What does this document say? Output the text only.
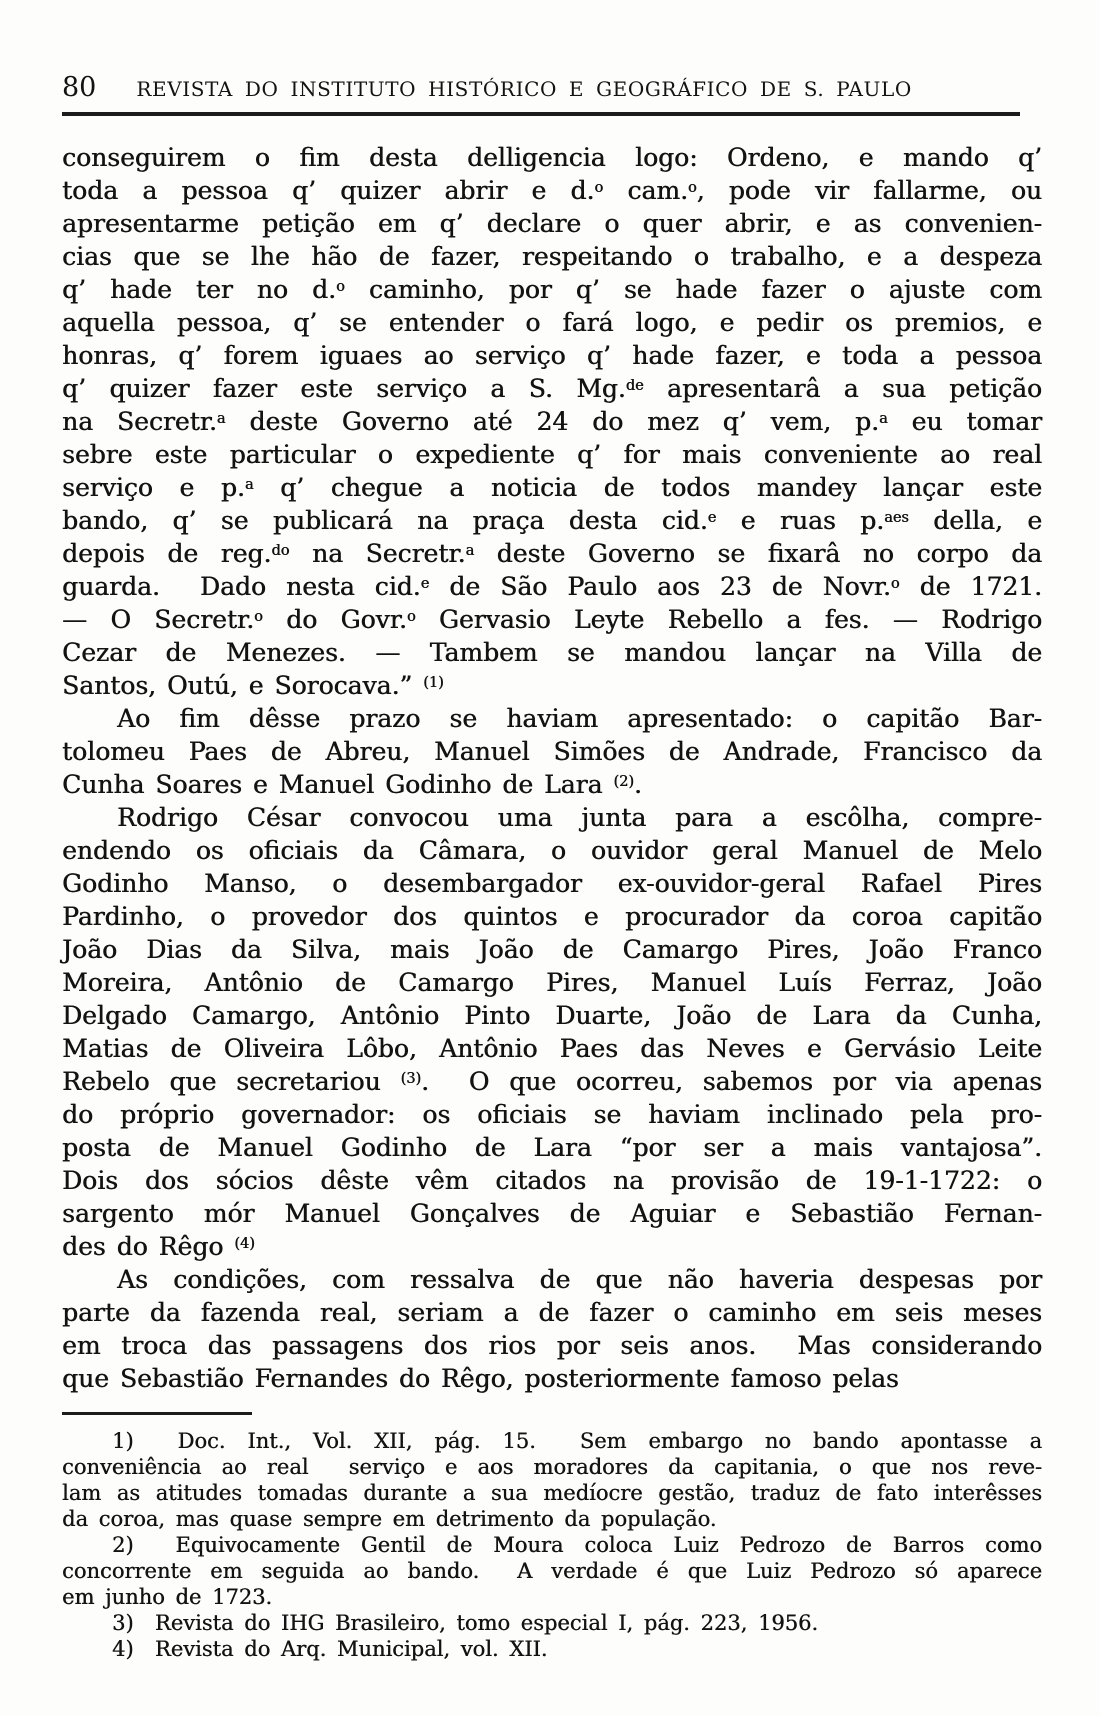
80 REVISTA DO INSTITUTO HISTÓRICO E GEOGRÁFICO DE S. PAULO
conseguirem o fim desta delligencia logo: Ordeno, e mando q’
toda a pessoa q’ quizer abrir e d.$^o$ cam.$^o$, pode vir fallarme, ou
apresentarme petição em q’ declare o quer abrir, e as convenien-
cias que se lhe hão de fazer, respeitando o trabalho, e a despeza
q’ hade ter no d.$^o$ caminho, por q’ se hade fazer o ajuste com
aquella pessoa, q’ se entender o fará logo, e pedir os premios, e
honras, q’ forem iguaes ao serviço q’ hade fazer, e toda a pessoa
q’ quizer fazer este serviço a S. Mg.$^{de}$ apresentarâ a sua petição
na Secretr.$^a$ deste Governo até 24 do mez q’ vem, p.$^a$ eu tomar
sebre este particular o expediente q’ for mais conveniente ao real
serviço e p.$^a$ q’ chegue a noticia de todos mandey lançar este
bando, q’ se publicará na praça desta cid.$^e$ e ruas p.$^{aes}$ della, e
depois de reg.$^{do}$ na Secretr.$^a$ deste Governo se fixarâ no corpo da
guarda.  Dado nesta cid.$^e$ de São Paulo aos 23 de Novr.$^o$ de 1721.
— O Secretr.$^o$ do Govr.$^o$ Gervasio Leyte Rebello a fes. — Rodrigo
Cezar de Menezes. — Tambem se mandou lançar na Villa de
Santos, Outú, e Sorocava.” $^{(1)}$
Ao fim dêsse prazo se haviam apresentado: o capitão Bar-
tolomeu Paes de Abreu, Manuel Simões de Andrade, Francisco da
Cunha Soares e Manuel Godinho de Lara $^{(2)}$.
Rodrigo César convocou uma junta para a escôlha, compre-
endendo os oficiais da Câmara, o ouvidor geral Manuel de Melo
Godinho Manso, o desembargador ex-ouvidor-geral Rafael Pires
Pardinho, o provedor dos quintos e procurador da coroa capitão
João Dias da Silva, mais João de Camargo Pires, João Franco
Moreira, Antônio de Camargo Pires, Manuel Luís Ferraz, João
Delgado Camargo, Antônio Pinto Duarte, João de Lara da Cunha,
Matias de Oliveira Lôbo, Antônio Paes das Neves e Gervásio Leite
Rebelo que secretariou $^{(3)}$.  O que ocorreu, sabemos por via apenas
do próprio governador: os oficiais se haviam inclinado pela pro-
posta de Manuel Godinho de Lara “por ser a mais vantajosa”.
Dois dos sócios dêste vêm citados na provisão de 19-1-1722: o
sargento mór Manuel Gonçalves de Aguiar e Sebastião Fernan-
des do Rêgo $^{(4)}$
As condições, com ressalva de que não haveria despesas por
parte da fazenda real, seriam a de fazer o caminho em seis meses
em troca das passagens dos rios por seis anos.  Mas considerando
que Sebastião Fernandes do Rêgo, posteriormente famoso pelas
1)  Doc. Int., Vol. XII, pág. 15.  Sem embargo no bando apontasse a
conveniência ao real  serviço e aos moradores da capitania, o que nos reve-
lam as atitudes tomadas durante a sua medíocre gestão, traduz de fato interêsses
da coroa, mas quase sempre em detrimento da população.
2)  Equivocamente Gentil de Moura coloca Luiz Pedrozo de Barros como
concorrente em seguida ao bando.  A verdade é que Luiz Pedrozo só aparece
em junho de 1723.
3)  Revista do IHG Brasileiro, tomo especial I, pág. 223, 1956.
4)  Revista do Arq. Municipal, vol. XII.
